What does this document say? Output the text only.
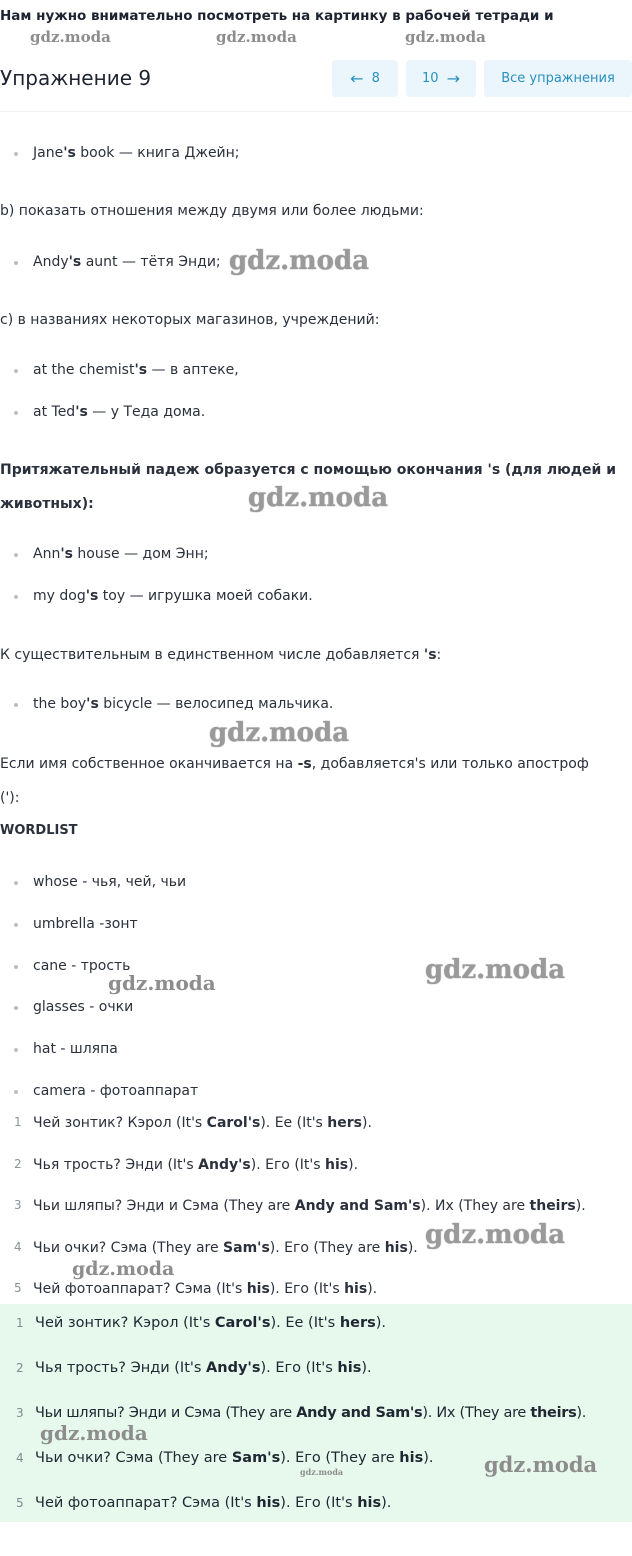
Нам нужно внимательно посмотреть на картинку в рабочей тетради и
gdz.moda	gdz.moda	gdz.moda
Упражнение 9	← 8	10 →	Все упражнения
Jane's book — книга Джейн;
b) показать отношения между двумя или более людьми:
Andy's aunt — тётя Энди; gdz.moda
c) в названиях некоторых магазинов, учреждений:
at the chemist's — в аптеке,
at Ted's — у Теда дома.
Притяжательный падеж образуется с помощью окончания 's (для людей и
животных):	gdz.moda
Ann's house — дом Энн;
my dog's toy — игрушка моей собаки.
К существительным в единственном числе добавляется 's:
the boy's bicycle — велосипед мальчика.
gdz.moda
Если имя собственное оканчивается на -s, добавляется's или только апостроф
('):
WORDLIST
whose - чья, чей, чьи
umbrella -зонт
cane - трость
gdz.moda	gdz.moda
glasses - очки
hat - шляпа
camera - фотоаппарат
1 Чей зонтик? Кэрол (It's Carol's). Ее (It's hers).
2 Чья трость? Энди (It's Andy's). Его (It's his).
3 Чьи шляпы? Энди и Сэма (They are Andy and Sam's). Их (They are theirs).
4 Чьи очки? Сэма (They are Sam's). Его (They are his). gdz.moda
gdz.moda
5 Чей фотоаппарат? Сэма (It's his). Его (It's his).
1 Чей зонтик? Кэрол (It's Carol's). Ее (It's hers).
2 Чья трость? Энди (It's Andy's). Его (It's his).
3 Чьи шляпы? Энди и Сэма (They are Andy and Sam's). Их (They are theirs).
gdz.moda
4 Чьи очки? Сэма (They are Sam's). Его (They are his).
gdz.moda	gdz.moda
5 Чей фотоаппарат? Сэма (It's his). Его (It's his).
